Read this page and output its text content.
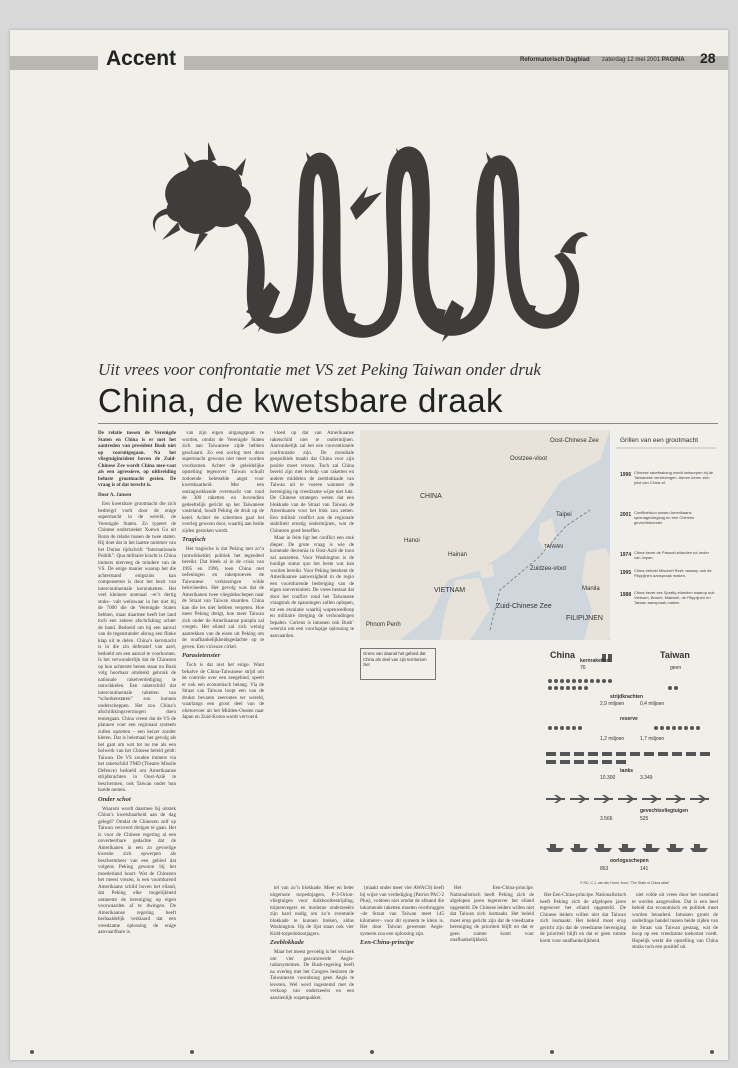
Accent	Reformatorisch Dagblad zaterdag 12 mei 2001 PAGINA 28
Uit vrees voor confrontatie met VS zet Peking Taiwan onder druk
China, de kwetsbare draak

De relatie tussen de Verenigde Staten en China is er met het aantreden van president Bush niet op vooruitgegaan. Na het vliegtuigincident boven de Zuid-Chinese Zee wordt China mee-vaat als een agressieve, op uitbreiding beluste grootmacht gezien. De vraag is of dat terecht is.

Door A. Jansen

Een kwetsbare grootmacht die zich bedreigd voelt door de enige supermacht in de wereld, de Verenigde Staten. Zo typeert de Chinese onderzoeker Xuewu Gu uit Bonn de relatie tussen de twee staten. Hij doet dat in het laatste nummer van het Duitse tijdschrift “Internationale Politik”. Qua militaire kracht is China immers nietveeg de mindere van de VS. De enige manier waarop het die achterstand enigszins kan compenseren is door het bezit van intercontinentale kernraketten. Het veel kleinere arsenaal –er’s dertig stuks– valt weliswaar in het niet bij de 7000 die de Verenigde Staten hebben, maar daarmee heeft het land toch een zekere afschrikking achter de hand. Bedoeld om bij een aanval van de tegenstander alsnog een flinke klap uit te delen. China’s kernmacht is in die zin defensief van aard, bedoeld om een aanval te voorkomen. Is het verwonderlijk dat de Chinezen op hun achterste benen staan nu Bush volg hoorbaar omdenkt gebruik de nationale raketverdediging te ontwikkelen. Een raketschild dat intercontinentale raketten van “schurkenstaten” zou kunnen onderscheppen. Het zou China’s afschrikkingsvermogen doen tenietgaan. China vreest dat de VS de plannen voor een regionaal systeem zullen opzetten – een keizer zonder kleren. Dat is helemaal het gevolg als het gaat om wat tot nu toe als een bolwerk van het Chinese beleid geldt: Taiwan. De VS zouden immers via het raketschild TMD (Theatre Missile Defence) bedoeld om Amerikaanse strijdkrachten in Oost-Azië te beschermen, ook Taiwan onder hun hoede nemen.

Onder schot

Waarom wordt daarmee bij uitstek China’s kwetsbaarheid aan de dag gelegd? Omdat de Chinezen zelf op Taiwan veroverd dreigen te gaan. Het is voor de Chinese regering al een onverteerbare gedachte dat de Amerikanen in een zo gevoelige kwestie zich opwerpen als beschermheer van een gebied dat volgens Peking gewoon bij het moederland hoort. Wat de Chinezen het meest vrezen, is een voortdurend Amerikaans schild boven het eiland, dat Peking elke mogelijkheid ontneemt de hereniging op eigen voorwaarden af te dwingen. De Amerikaanse regering heeft herhaaldelijk verklaard dat een vreedzame oplossing de enige aanvaardbare is.

van zijn eigen uitgangspunt te worden, omdat de Verenigde Staten zich aan Taiwanese zijde hebben geschaard. Zo een oorlog met deze supermacht gewoon niet meer worden voorkomen. Achter de geleidelijke opstelling tegenover Taiwan schuilt zodoende beletselde angst voor kwetsbaarheid. Met een ontzagwekkende overmacht van rond de 300 raketten en bovendien gedeeltelijk gericht op het Taiwanese vasteland, houdt Peking de druk op de ketel. Achter de schermen gaat het overleg gewoon door, waarbij aan beide zijden gestoken wordt.

Tragisch

Het tragische is dat Peking met zo’n (ontwikkelde) politiek het tegendeel bereikt. Dat bleek al in de crisis van 1995 en 1996, toen China met oefeningen en raketproeven de Taiwanese verkiezingen wilde beïnvloeden. Het gevolg was dat de Amerikanen twee vliegdekschepen naar de Straat van Taiwan stuurden. China kan die les niet hebben vergeten. Hoe meer Peking dreigt, hoe meer Taiwan zich onder de Amerikaanse paraplu zal voegen. Het eiland zal zich weinig aantrekken van de eisen uit Peking om de onafhankelijkheidsgedachte op te geven. Een vicieuze cirkel.

Parasietenster

Toch is dat niet het enige. Want behalve de China-Taiwanese strijd om de controle over een zeegebied, speelt er ook een economisch belang. Via de Straat van Taiwan loopt een van de drukst bevaren zeeroutes ter wereld, waarlangs een groot deel van de olietoevoer uit het Midden-Oosten naar Japan en Zuid-Korea wordt vervoerd.

vloed op dat van Amerikaanse raketschild niet te ondermijnen. Aanvankelijk zal het een conventionele confrontatie zijn. De mondiale geopolitiek maakt dat China voor zijn positie moet vrezen. Toch zal China bereid zijn met behulp van raketten en andere middelen de zeeblokkade van Taiwan uit te voeren wanneer de hereniging op vreedzame wijze niet lukt. De Chinese strategen weten dat een blokkade van de Straat van Taiwan de Amerikanen voor het blok zou zetten. Een militair conflict zou de regionale stabiliteit ernstig ondermijnen, wat de Chinezen goed beseffen.

Maar in feite ligt het conflict een stuk dieper. De grote vraag is wie de komende decennia in Oost-Azië de toon zal aanzetten. Voor Washington is de huidige status quo het beste wat kan worden bereikt. Voor Peking betekent de Amerikaanse aanwezigheid in de regio een voortdurende bedreiging van de eigen soevereiniteit. De vrees bestaat dat door het conflict rond het Taiwanese vraagstuk de spanningen zullen oplopen, tot een escalatie waarbij wapenwedloop en militaire dreiging de verhoudingen bepalen. Curieus is intussen ook Bush’ weerzin om een voorlopige oplossing te aanvaarden.

Oost-Chinese Zee
Oostzee-vloot
CHINA
Taipei
TAIWAN
Zuidzee-vloot
Hanoi
VIETNAM
Hainan
Zuid-Chinese Zee
Manila
FILIPIJNEN
Phnom Penh
Grillen van een grootmacht
1996 Chinese rakettraining wordt ontworpen bij de Taiwanese verkiezingen. Ateren keren zich juist van China af.
2001 Conflictrisico tussen Amerikaans spionagevliegtuig en een Chinees gevechtstoestel.
1974 China bezet de Paracel-eilanden tot onder van Japan.
1995 China betrekt Mischief Reef, waarop ook de Filippijnen aanspraak maken.
1988 China bezet zes Spratly-eilanden waarop ook Vietnam, Brunei, Maleisië, de Filippijnen en Taiwan aanspraak maken.
Grens van daaruit het gebied dat China als deel van zijn territorium ziet
China	Taiwan
kernraketten
76	geen
strijdkrachten
2,9 miljoen	0,4 miljoen
reserve
1,2 miljoen	1,7 miljoen
tanks
10.300	3.349
gevechtsvliegtuigen
3.566	525
oorlogsschepen
863	141
© RD, C.J. van der Horst, bron: "The State of China atlas"

tel van zo’n blokkade. Meer en beter uitgeruste torpedojagers, P-3-Orion-vliegtuigen voor duikbootbestrijding, mijnenvegers en moderne onderzeeërs zijn hard nodig om zo’n eventuele blokkade te kunnen breken, aldus Washington. Op de lijst staan ook vier Kidd-torpedobootjagers.

Zeeblokkade

Maar het meest gevoelig is het verzoek om vier geavanceerde Aegis-radarsystemen. De Bush-regering heeft na overleg met het Congres besloten de Taiwanezen vooralsnog geen Aegis te leveren. Wel werd ingestemd met de verkoop van onderzeeërs en een aanzienlijk wapenpakket.

(maakt onder meer vier AWACS) heeft bij wijze van verdediging (Patriot PAC-2 Plus), voldoen niet omdat de afstand die inkomende raketten moeten overbruggen –de Straat van Taiwan meet 145 kilometer– voor dit systeem te klein is. Het door Taiwan gewenste Aegis-systeem zou een oplossing zijn.

Een-China-principe

Het Een-China-principe. Nationalistisch heeft Peking zich de afgelopen jaren tegenover het eiland opgesteld. De Chinese leiders willen niet dat Taiwan zich losmaakt. Het beleid moet erop gericht zijn dat de vreedzame hereniging de prioriteit blijft en dat er geen ruimte komt voor onafhankelijkheid.

Het Een-China-principe. Nationalistisch heeft Peking zich de afgelopen jaren tegenover het eiland opgesteld. De Chinese leiders willen niet dat Taiwan zich losmaakt. Het beleid moet erop gericht zijn dat de vreedzame hereniging de prioriteit blijft en dat er geen ruimte komt voor onafhankelijkheid.

niet volde uit vrees door het vasteland te worden aangevallen. Dat is een heel beleid dat economisch en politiek moet worden benaderd. Intussen groeit de onderlinge handel tussen beide zijden van de Straat van Taiwan gestaag, wat de hoop op een vreedzame toekomst voedt. Hopelijk werkt die opstelling van China straks toch een positief uit.
